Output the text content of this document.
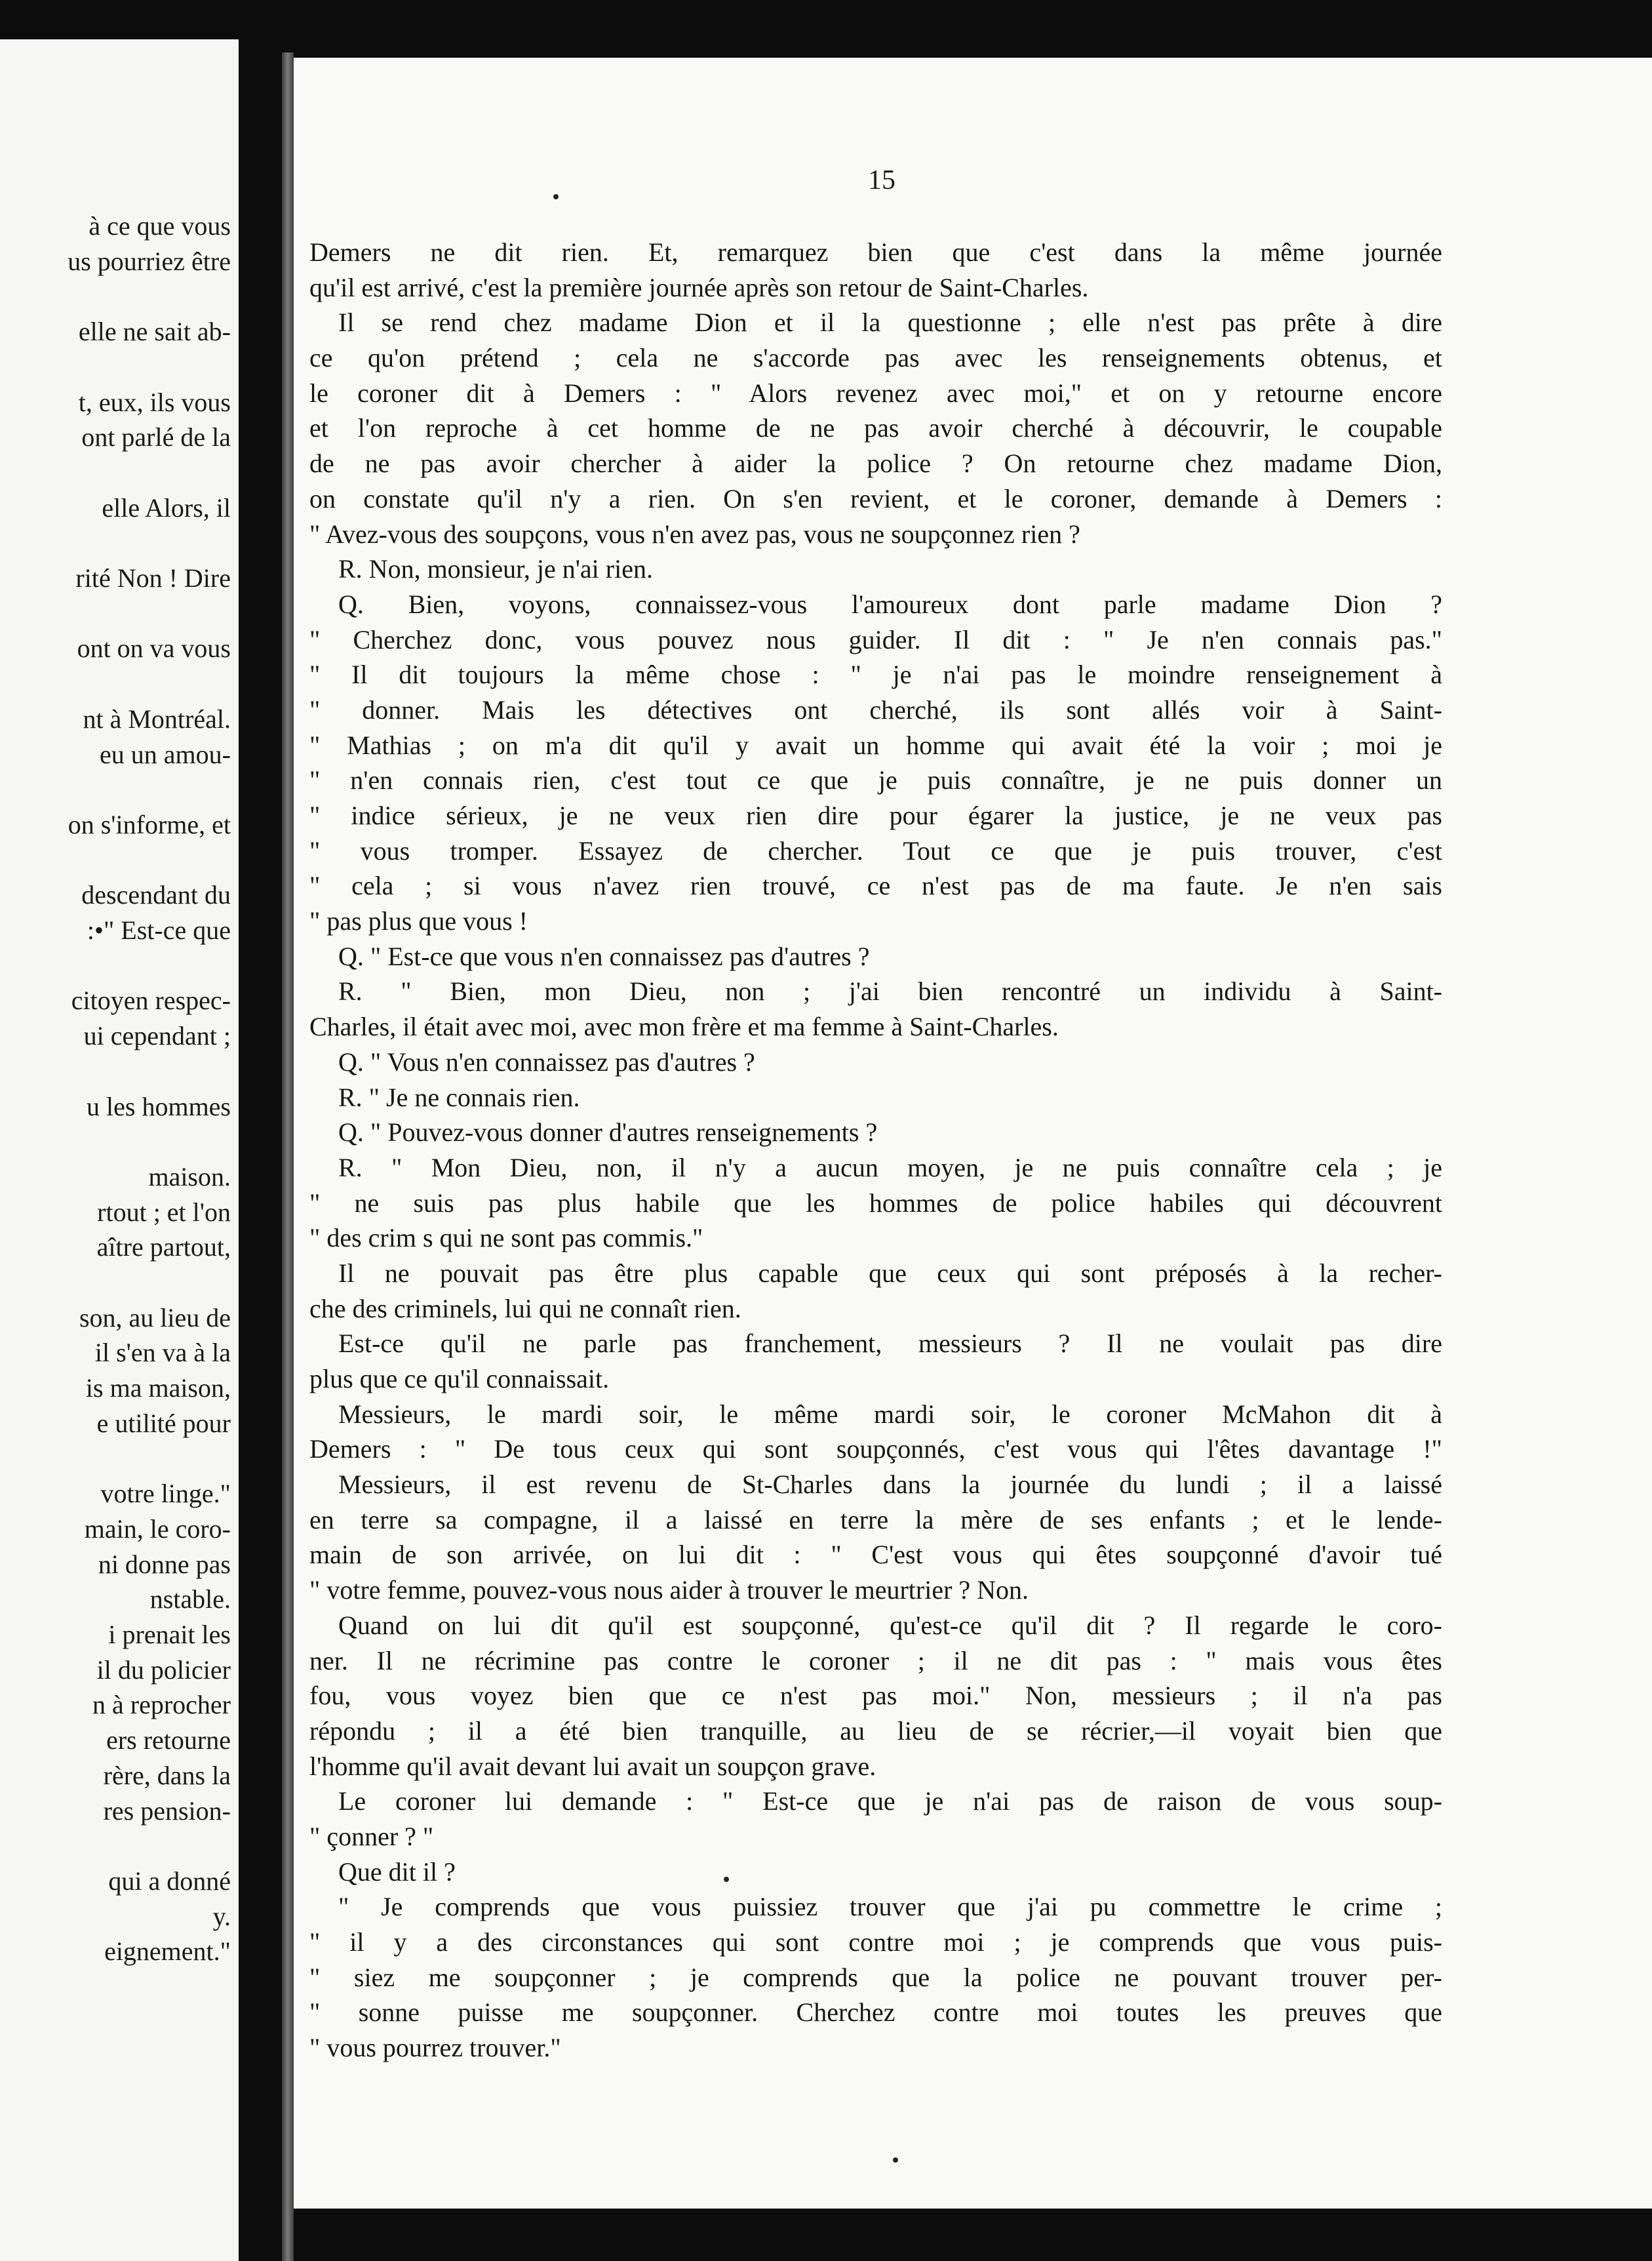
à ce que vous
us pourriez être
elle ne sait ab-
t, eux, ils vous
ont parlé de la
elle Alors, il
rité Non ! Dire
ont on va vous
nt à Montréal.
eu un amou-
on s'informe, et
descendant du
:•" Est-ce que
citoyen respec-
ui cependant ;
u les hommes
maison.
rtout ; et l'on
aître partout,
son, au lieu de
il s'en va à la
is ma maison,
e utilité pour
votre linge."
main, le coro-
ni donne pas
nstable.
i prenait les
il du policier
n à reprocher
ers retourne
rère, dans la
res pension-
qui a donné
y.
eignement."
15
Demers ne dit rien. Et, remarquez bien que c'est dans la même journée
qu'il est arrivé, c'est la première journée après son retour de Saint-Charles.
Il se rend chez madame Dion et il la questionne ; elle n'est pas prête à dire
ce qu'on prétend ; cela ne s'accorde pas avec les renseignements obtenus, et
le coroner dit à Demers : " Alors revenez avec moi," et on y retourne encore
et l'on reproche à cet homme de ne pas avoir cherché à découvrir, le coupable
de ne pas avoir chercher à aider la police ? On retourne chez madame Dion,
on constate qu'il n'y a rien. On s'en revient, et le coroner, demande à Demers :
" Avez-vous des soupçons, vous n'en avez pas, vous ne soupçonnez rien ?
R. Non, monsieur, je n'ai rien.
Q. Bien, voyons, connaissez-vous l'amoureux dont parle madame Dion ?
" Cherchez donc, vous pouvez nous guider. Il dit : " Je n'en connais pas."
" Il dit toujours la même chose : " je n'ai pas le moindre renseignement à
" donner. Mais les détectives ont cherché, ils sont allés voir à Saint-
" Mathias ; on m'a dit qu'il y avait un homme qui avait été la voir ; moi je
" n'en connais rien, c'est tout ce que je puis connaître, je ne puis donner un
" indice sérieux, je ne veux rien dire pour égarer la justice, je ne veux pas
" vous tromper. Essayez de chercher. Tout ce que je puis trouver, c'est
" cela ; si vous n'avez rien trouvé, ce n'est pas de ma faute. Je n'en sais
" pas plus que vous !
Q. " Est-ce que vous n'en connaissez pas d'autres ?
R. " Bien, mon Dieu, non ; j'ai bien rencontré un individu à Saint-
Charles, il était avec moi, avec mon frère et ma femme à Saint-Charles.
Q. " Vous n'en connaissez pas d'autres ?
R. " Je ne connais rien.
Q. " Pouvez-vous donner d'autres renseignements ?
R. " Mon Dieu, non, il n'y a aucun moyen, je ne puis connaître cela ; je
" ne suis pas plus habile que les hommes de police habiles qui découvrent
" des crim s qui ne sont pas commis."
Il ne pouvait pas être plus capable que ceux qui sont préposés à la recher-
che des criminels, lui qui ne connaît rien.
Est-ce qu'il ne parle pas franchement, messieurs ? Il ne voulait pas dire
plus que ce qu'il connaissait.
Messieurs, le mardi soir, le même mardi soir, le coroner McMahon dit à
Demers : " De tous ceux qui sont soupçonnés, c'est vous qui l'êtes davantage !"
Messieurs, il est revenu de St-Charles dans la journée du lundi ; il a laissé
en terre sa compagne, il a laissé en terre la mère de ses enfants ; et le lende-
main de son arrivée, on lui dit : " C'est vous qui êtes soupçonné d'avoir tué
" votre femme, pouvez-vous nous aider à trouver le meurtrier ? Non.
Quand on lui dit qu'il est soupçonné, qu'est-ce qu'il dit ? Il regarde le coro-
ner. Il ne récrimine pas contre le coroner ; il ne dit pas : " mais vous êtes
fou, vous voyez bien que ce n'est pas moi." Non, messieurs ; il n'a pas
répondu ; il a été bien tranquille, au lieu de se récrier,—il voyait bien que
l'homme qu'il avait devant lui avait un soupçon grave.
Le coroner lui demande : " Est-ce que je n'ai pas de raison de vous soup-
" çonner ? "
Que dit il ?
" Je comprends que vous puissiez trouver que j'ai pu commettre le crime ;
" il y a des circonstances qui sont contre moi ; je comprends que vous puis-
" siez me soupçonner ; je comprends que la police ne pouvant trouver per-
" sonne puisse me soupçonner. Cherchez contre moi toutes les preuves que
" vous pourrez trouver."
